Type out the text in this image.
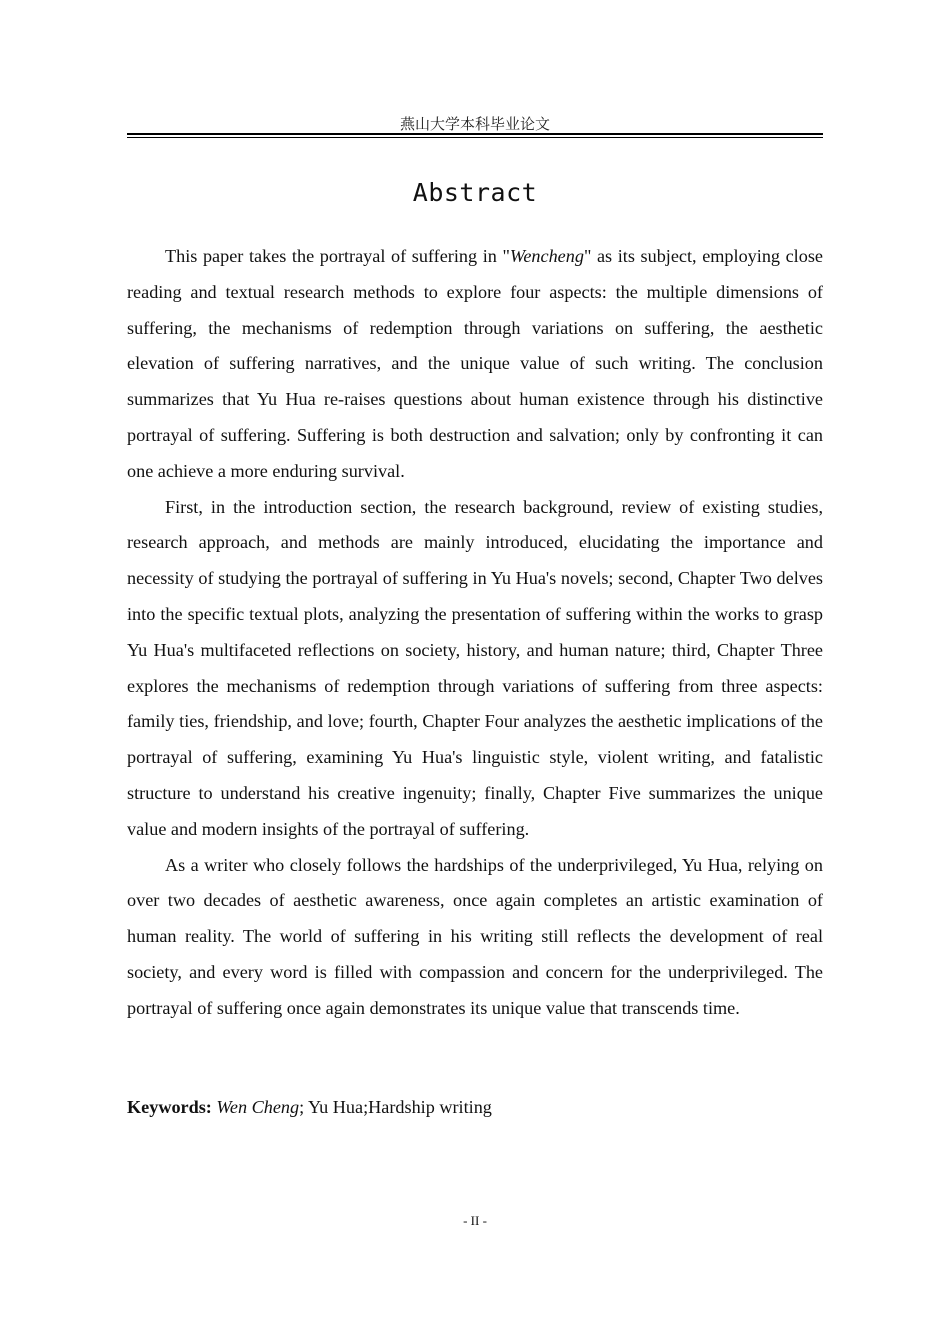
燕山大学本科毕业论文
Abstract

This paper takes the portrayal of suffering in "Wencheng" as its subject, employing close reading and textual research methods to explore four aspects: the multiple dimensions of suffering, the mechanisms of redemption through variations on suffering, the aesthetic elevation of suffering narratives, and the unique value of such writing. The conclusion summarizes that Yu Hua re-raises questions about human existence through his distinctive portrayal of suffering. Suffering is both destruction and salvation; only by confronting it can one achieve a more enduring survival.

First, in the introduction section, the research background, review of existing studies, research approach, and methods are mainly introduced, elucidating the importance and necessity of studying the portrayal of suffering in Yu Hua's novels; second, Chapter Two delves into the specific textual plots, analyzing the presentation of suffering within the works to grasp Yu Hua's multifaceted reflections on society, history, and human nature; third, Chapter Three explores the mechanisms of redemption through variations of suffering from three aspects: family ties, friendship, and love; fourth, Chapter Four analyzes the aesthetic implications of the portrayal of suffering, examining Yu Hua's linguistic style, violent writing, and fatalistic structure to understand his creative ingenuity; finally, Chapter Five summarizes the unique value and modern insights of the portrayal of suffering.

As a writer who closely follows the hardships of the underprivileged, Yu Hua, relying on over two decades of aesthetic awareness, once again completes an artistic examination of human reality. The world of suffering in his writing still reflects the development of real society, and every word is filled with compassion and concern for the underprivileged. The portrayal of suffering once again demonstrates its unique value that transcends time.

Keywords: Wen Cheng; Yu Hua;Hardship writing
- II -
